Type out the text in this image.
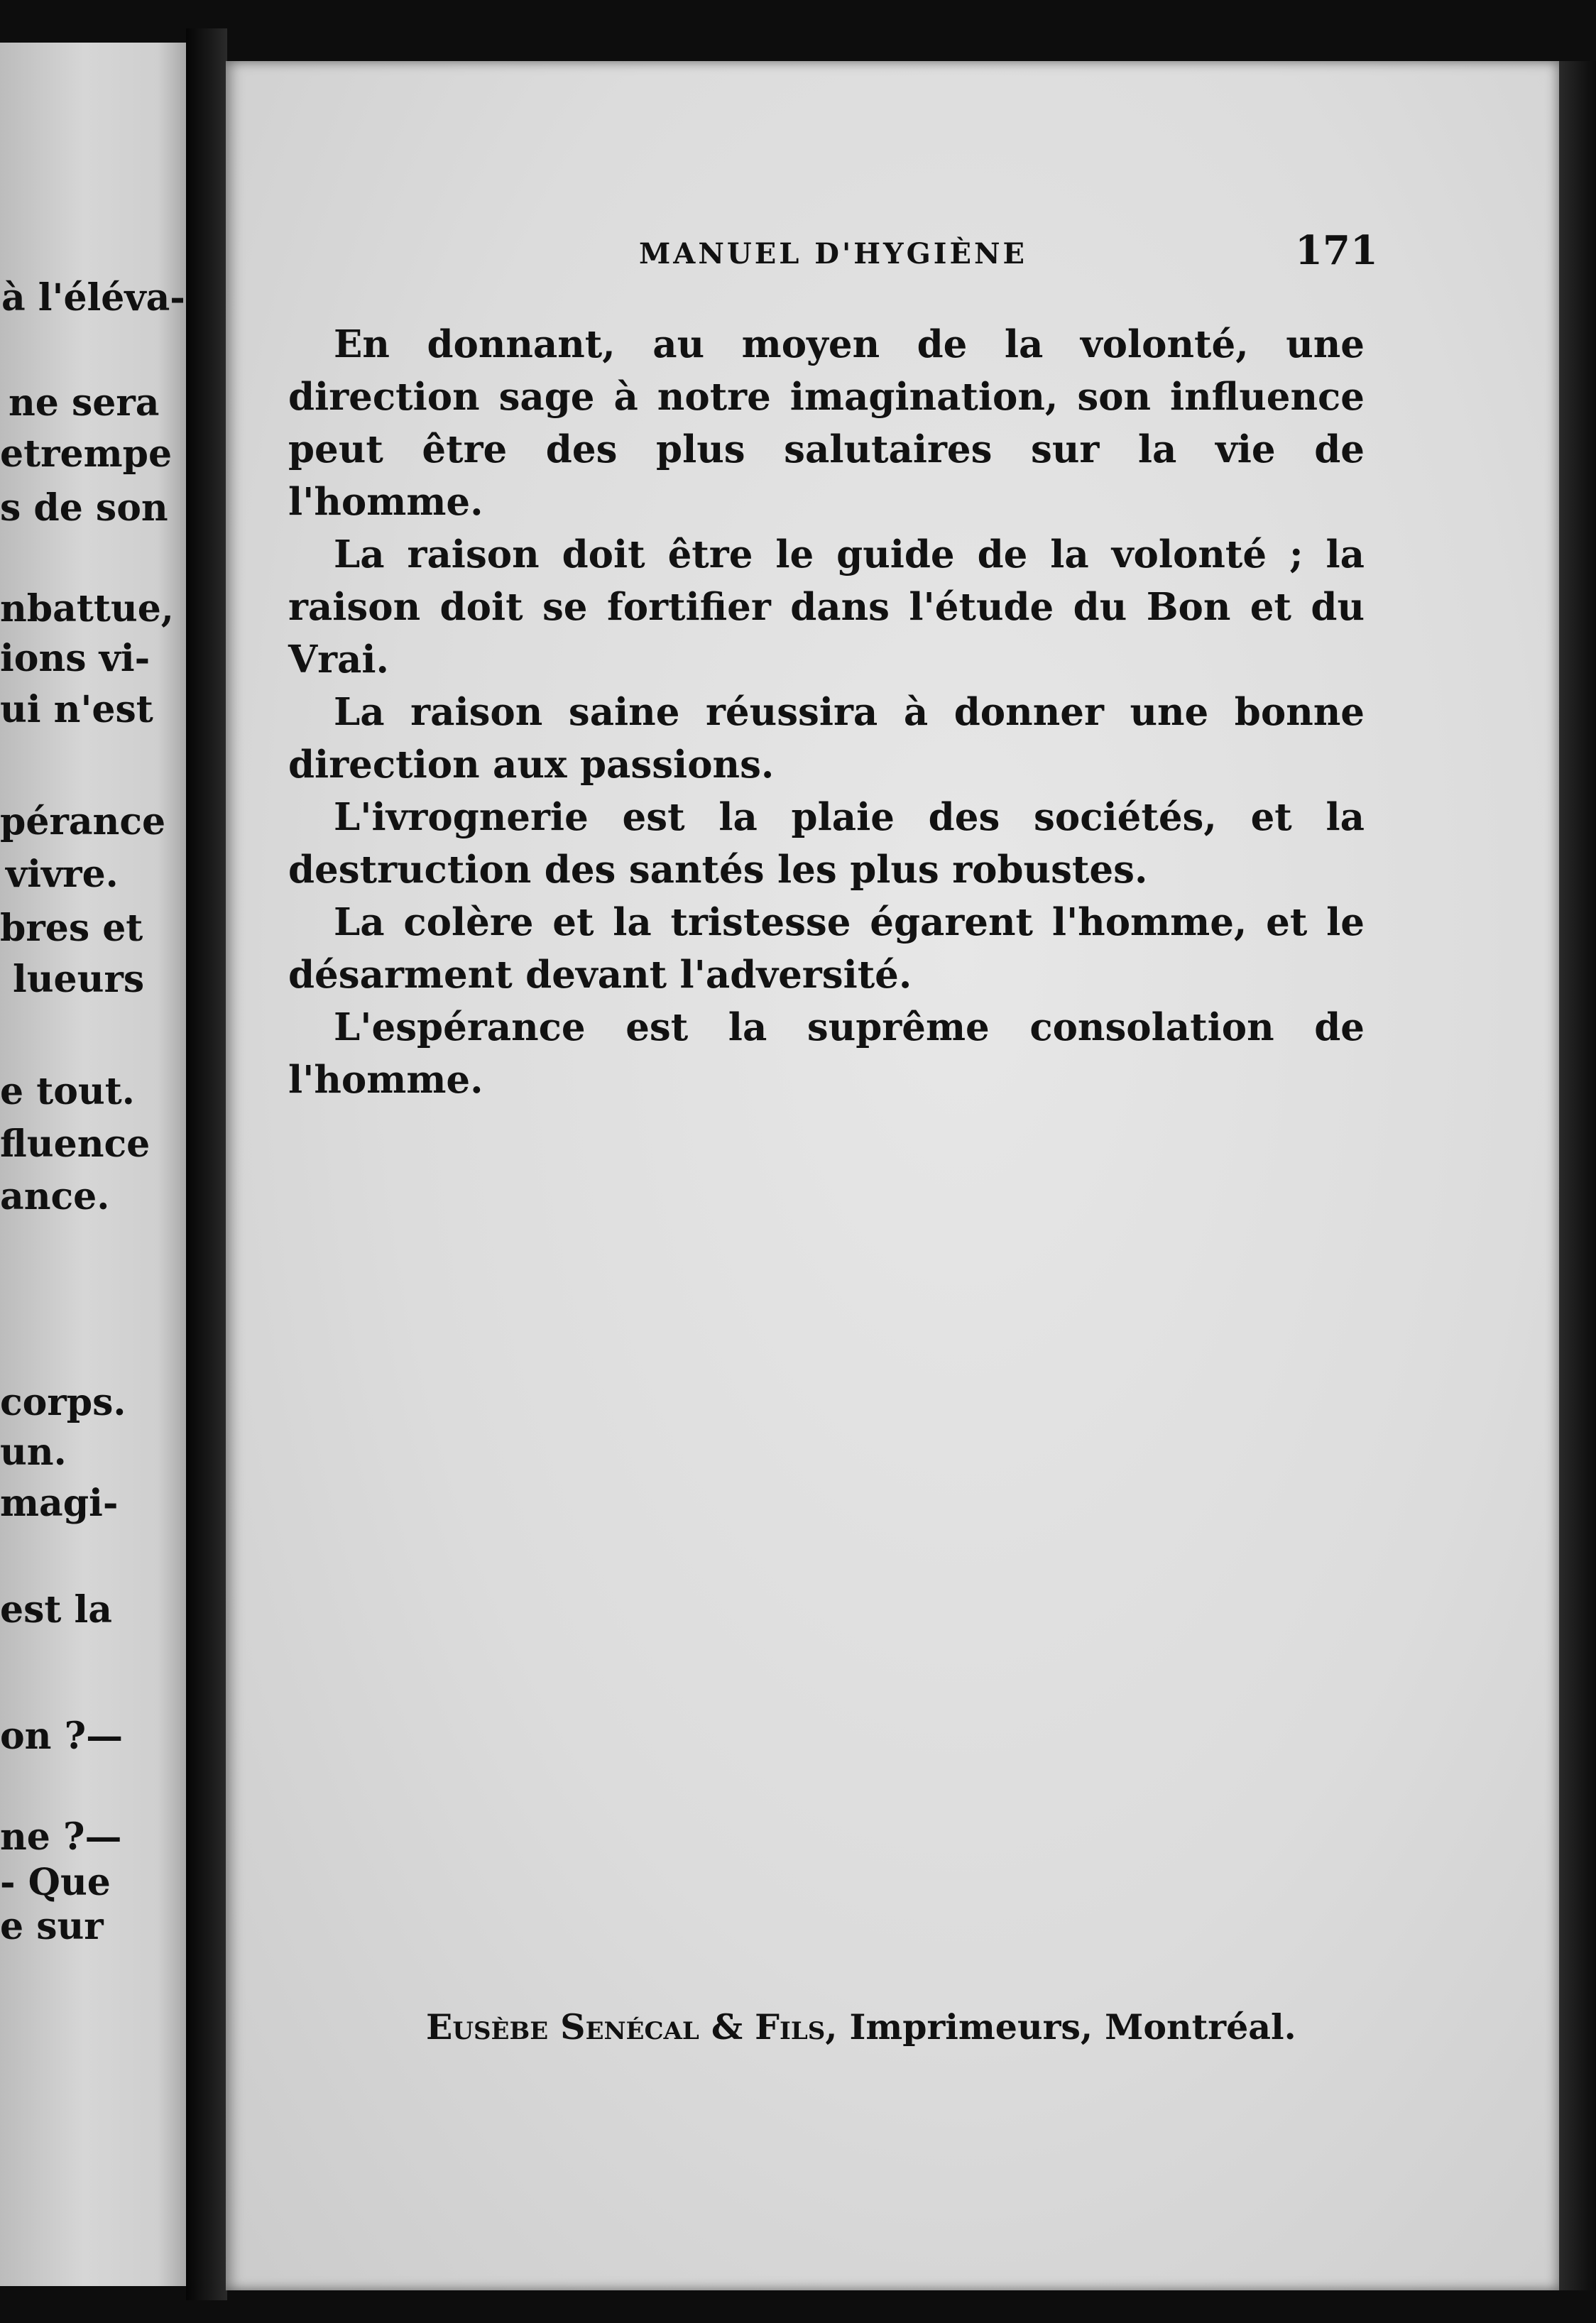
à l'éléva-
ne sera
etrempe
s de son
nbattue,
ions vi-
ui n'est
pérance
vivre.
bres et
lueurs
e tout.
fluence
ance.
corps.
un.
magi-
est la
on ?—
ne ?—
- Que
e sur
MANUEL D'HYGIÈNE	171

En donnant, au moyen de la volonté, une direction sage à notre imagination, son influence peut être des plus salutaires sur la vie de l'homme.

La raison doit être le guide de la volonté ; la raison doit se fortifier dans l'étude du Bon et du Vrai.

La raison saine réussira à donner une bonne direction aux passions.

L'ivrognerie est la plaie des sociétés, et la destruction des santés les plus robustes.

La colère et la tristesse égarent l'homme, et le désarment devant l'adversité.

L'espérance est la suprême consolation de l'homme.

Eusèbe Senécal & Fils, Imprimeurs, Montréal.
